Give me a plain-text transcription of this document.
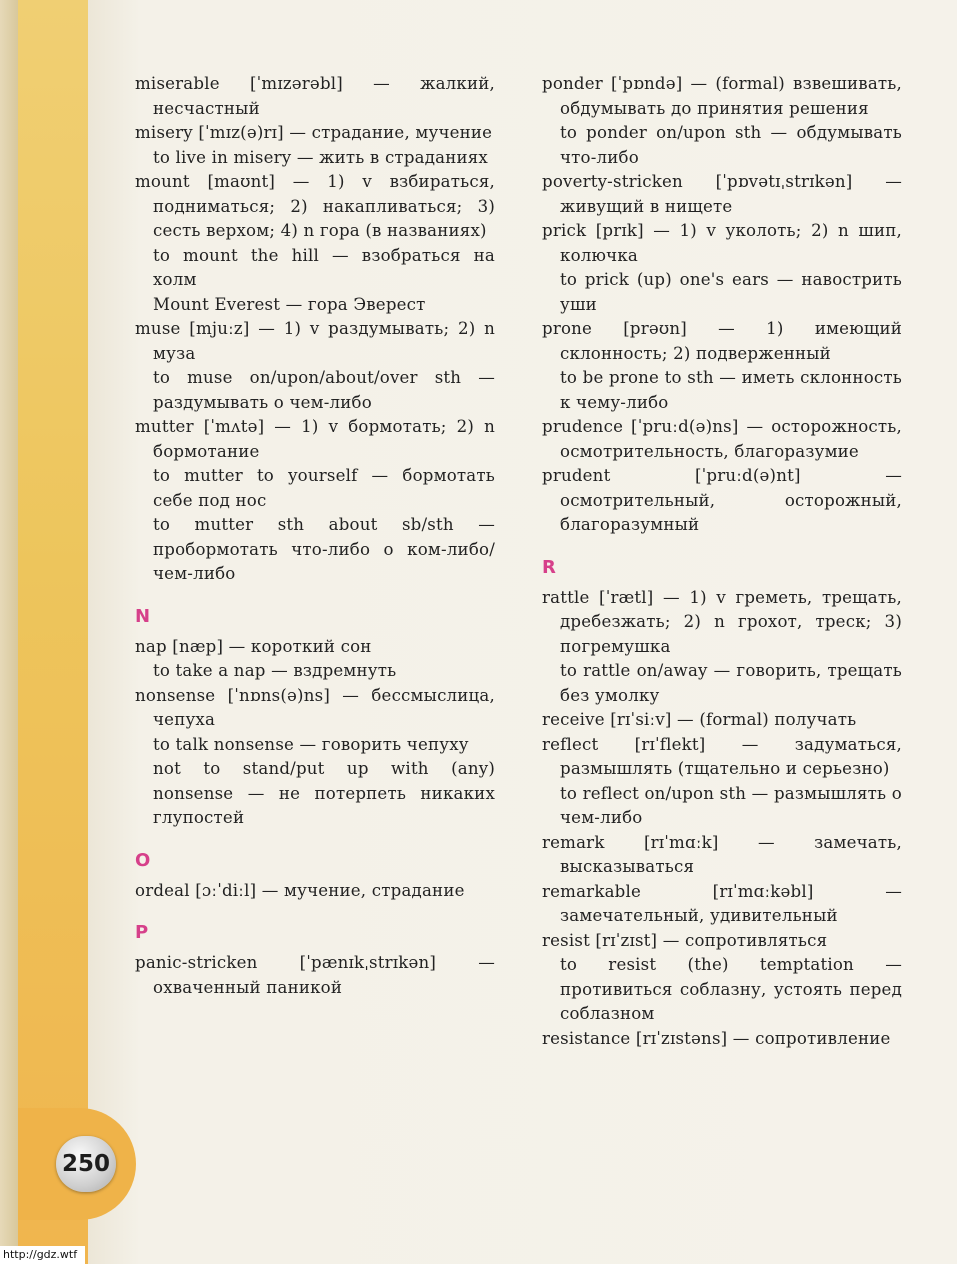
miserable [ˈmɪzərəbl] — жалкий, несчастный

misery [ˈmɪz(ə)rɪ] — страдание, мучение

to live in misery — жить в страданиях

mount [maʊnt] — 1) v взбираться, подниматься; 2) накапливаться; 3) сесть верхом; 4) n гора (в названиях)

to mount the hill — взобраться на холм

Mount Everest — гора Эверест

muse [mjuːz] — 1) v раздумывать; 2) n муза

to muse on/upon/about/over sth — раздумывать о чем-либо

mutter [ˈmʌtə] — 1) v бормотать; 2) n бормотание

to mutter to yourself — бормотать себе под нос

to mutter sth about sb/sth — пробормотать что-либо о ком-либо/чем-либо

N

nap [næp] — короткий сон

to take a nap — вздремнуть

nonsense [ˈnɒns(ə)ns] — бессмыслица, чепуха

to talk nonsense — говорить чепуху

not to stand/put up with (any) nonsense — не потерпеть никаких глупостей

O

ordeal [ɔːˈdiːl] — мучение, страдание

P

panic-stricken [ˈpænɪkˌstrɪkən] — охваченный паникой

ponder [ˈpɒndə] — (formal) взвешивать, обдумывать до принятия решения

to ponder on/upon sth — обдумывать что-либо

poverty-stricken [ˈpɒvətɪˌstrɪkən] — живущий в нищете

prick [prɪk] — 1) v уколоть; 2) n шип, колючка

to prick (up) one's ears — навострить уши

prone [prəʊn] — 1) имеющий склонность; 2) подверженный

to be prone to sth — иметь склонность к чему-либо

prudence [ˈpruːd(ə)ns] — осторожность, осмотрительность, благоразумие

prudent [ˈpruːd(ə)nt] — осмотрительный, осторожный, благоразумный

R

rattle [ˈrætl] — 1) v греметь, трещать, дребезжать; 2) n грохот, треск; 3) погремушка

to rattle on/away — говорить, трещать без умолку

receive [rɪˈsiːv] — (formal) получать

reflect [rɪˈflekt] — задуматься, размышлять (тщательно и серьезно)

to reflect on/upon sth — размышлять о чем-либо

remark [rɪˈmɑːk] — замечать, высказываться

remarkable [rɪˈmɑːkəbl] — замечательный, удивительный

resist [rɪˈzɪst] — сопротивляться

to resist (the) temptation — противиться соблазну, устоять перед соблазном

resistance [rɪˈzɪstəns] — сопротивление

250
http://gdz.wtf
